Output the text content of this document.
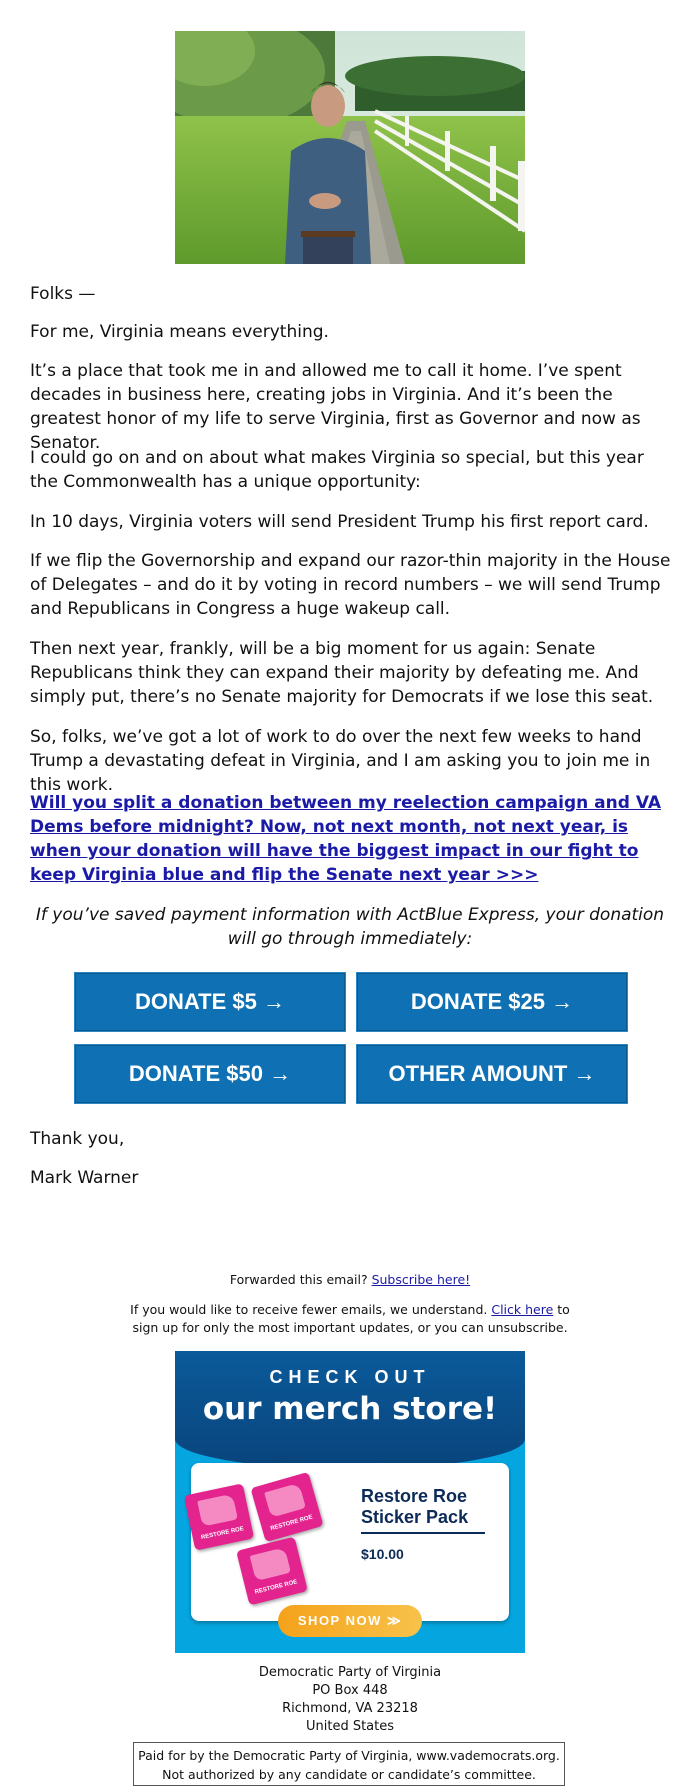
Folks —
For me, Virginia means everything.
It’s a place that took me in and allowed me to call it home. I’ve spent decades in business here, creating jobs in Virginia. And it’s been the greatest honor of my life to serve Virginia, first as Governor and now as Senator.
I could go on and on about what makes Virginia so special, but this year the Commonwealth has a unique opportunity:
In 10 days, Virginia voters will send President Trump his first report card.
If we flip the Governorship and expand our razor-thin majority in the House of Delegates – and do it by voting in record numbers – we will send Trump and Republicans in Congress a huge wakeup call.
Then next year, frankly, will be a big moment for us again: Senate Republicans think they can expand their majority by defeating me. And simply put, there’s no Senate majority for Democrats if we lose this seat.
So, folks, we’ve got a lot of work to do over the next few weeks to hand Trump a devastating defeat in Virginia, and I am asking you to join me in this work.
Will you split a donation between my reelection campaign and VA Dems before midnight? Now, not next month, not next year, is when your donation will have the biggest impact in our fight to keep Virginia blue and flip the Senate next year >>>
If you’ve saved payment information with ActBlue Express, your donation will go through immediately:
DONATE $5 →	DONATE $25 →
DONATE $50 →	OTHER AMOUNT →
Thank you,
Mark Warner
Forwarded this email? Subscribe here!
If you would like to receive fewer emails, we understand. Click here to
sign up for only the most important updates, or you can unsubscribe.
CHECK OUT
our merch store!
RESTORE ROE
RESTORE ROE
RESTORE ROE
Restore Roe Sticker Pack
$10.00
SHOP NOW ≫
Democratic Party of Virginia
PO Box 448
Richmond, VA 23218
United States
Paid for by the Democratic Party of Virginia, www.vademocrats.org.
Not authorized by any candidate or candidate’s committee.
